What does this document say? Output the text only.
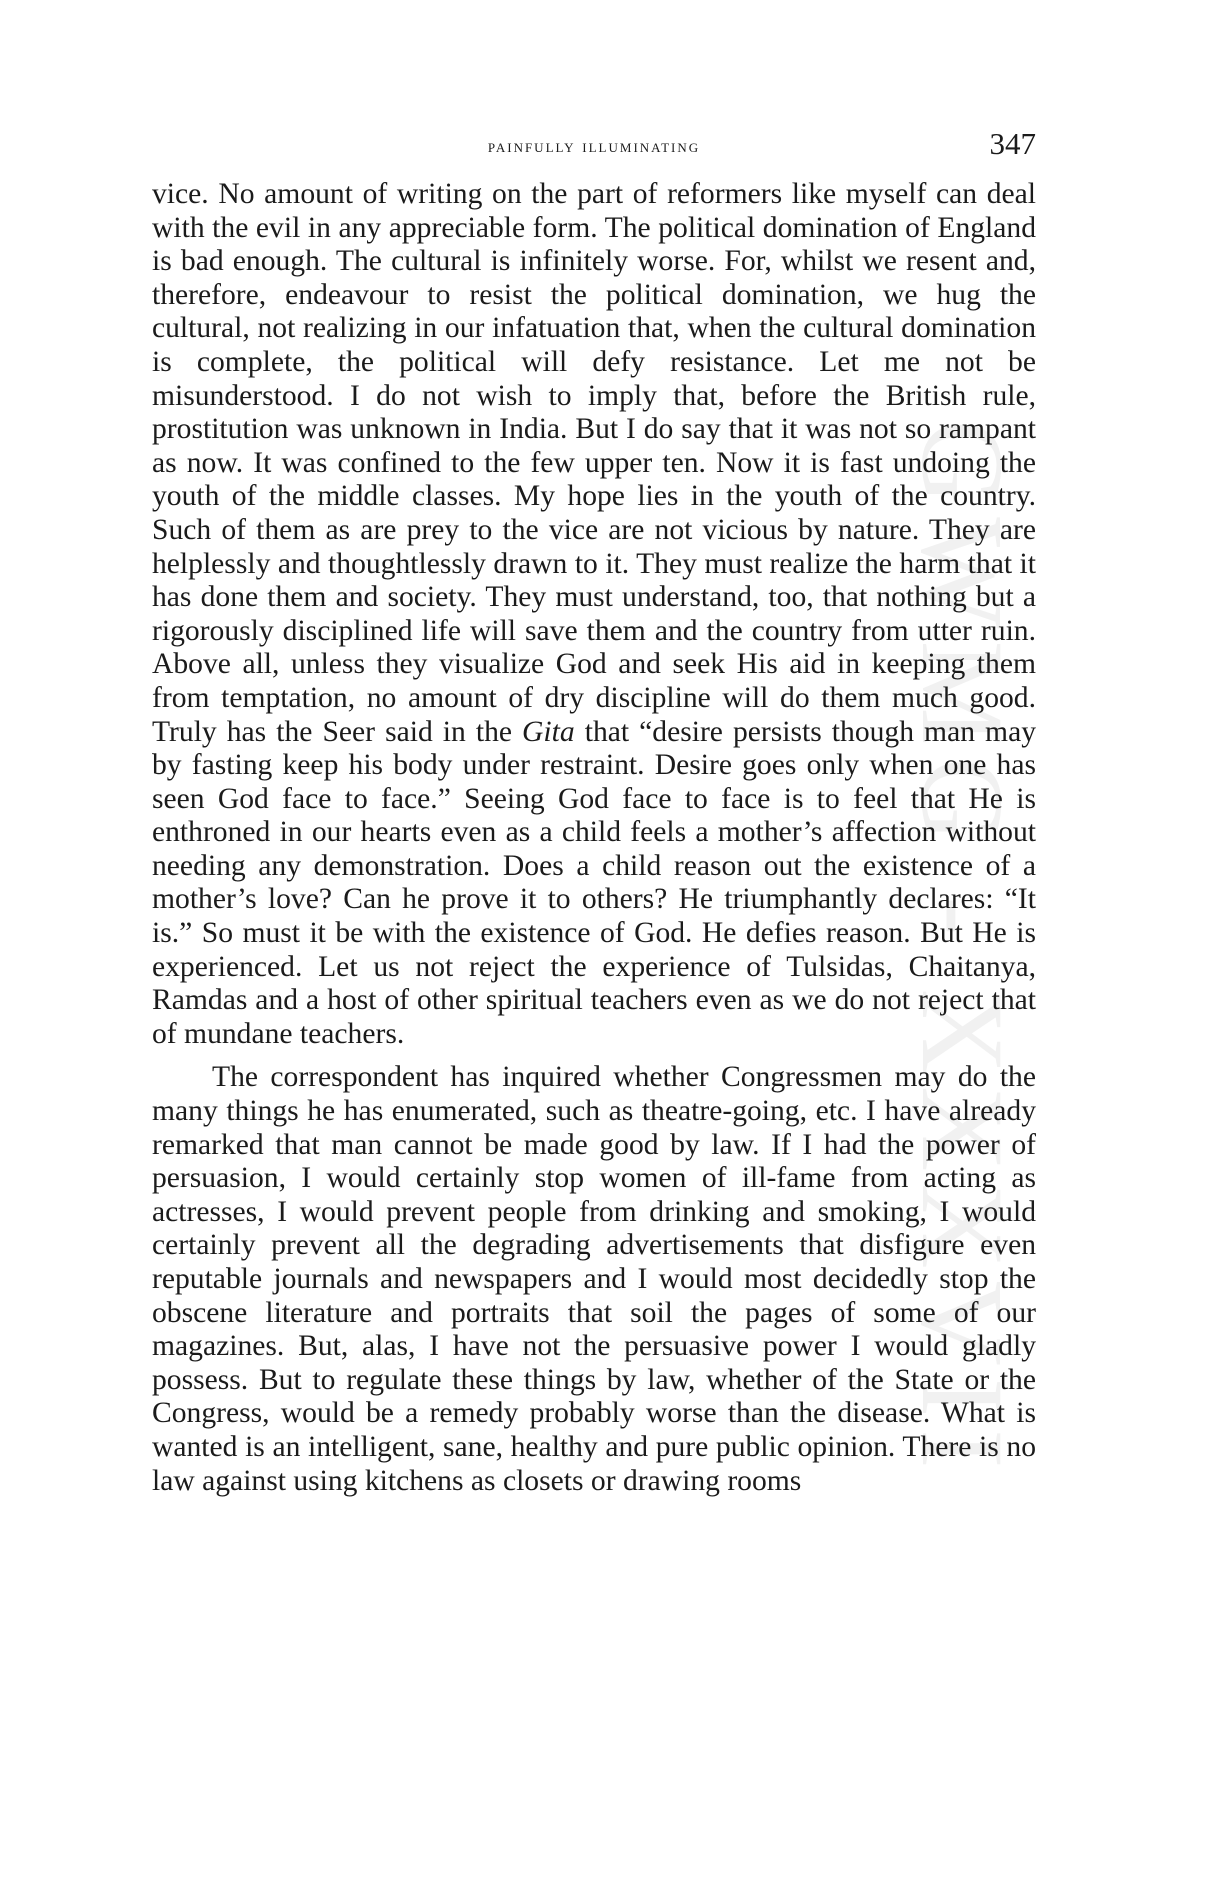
GWMG - XXXVII
painfully illuminating	347

vice. No amount of writing on the part of reformers like myself can deal with the evil in any appreciable form. The political domination of England is bad enough. The cultural is infinitely worse. For, whilst we resent and, therefore, endeavour to resist the political domination, we hug the cultural, not realizing in our infatuation that, when the cultural domination is complete, the political will defy resistance. Let me not be misunderstood. I do not wish to imply that, before the British rule, prostitution was unknown in India. But I do say that it was not so rampant as now. It was confined to the few upper ten. Now it is fast undoing the youth of the middle classes. My hope lies in the youth of the country. Such of them as are prey to the vice are not vicious by nature. They are helplessly and thoughtlessly drawn to it. They must realize the harm that it has done them and society. They must understand, too, that nothing but a rigorously disciplined life will save them and the country from utter ruin. Above all, unless they visualize God and seek His aid in keeping them from temptation, no amount of dry discipline will do them much good. Truly has the Seer said in the Gita that “desire persists though man may by fasting keep his body under restraint. Desire goes only when one has seen God face to face.” Seeing God face to face is to feel that He is enthroned in our hearts even as a child feels a mother’s affection without needing any demonstration. Does a child reason out the existence of a mother’s love? Can he prove it to others? He triumphantly declares: “It is.” So must it be with the existence of God. He defies reason. But He is experienced. Let us not reject the experience of Tulsidas, Chaitanya, Ramdas and a host of other spiritual teachers even as we do not reject that of mundane teachers.

The correspondent has inquired whether Congressmen may do the many things he has enumerated, such as theatre-going, etc. I have already remarked that man cannot be made good by law. If I had the power of persuasion, I would certainly stop women of ill-fame from acting as actresses, I would prevent people from drinking and smoking, I would certainly prevent all the degrading advertisements that disfigure even reputable journals and newspapers and I would most decidedly stop the obscene literature and portraits that soil the pages of some of our magazines. But, alas, I have not the persuasive power I would gladly possess. But to regulate these things by law, whether of the State or the Congress, would be a remedy probably worse than the disease. What is wanted is an intelligent, sane, healthy and pure public opinion. There is no law against using kitchens as closets or drawing rooms
